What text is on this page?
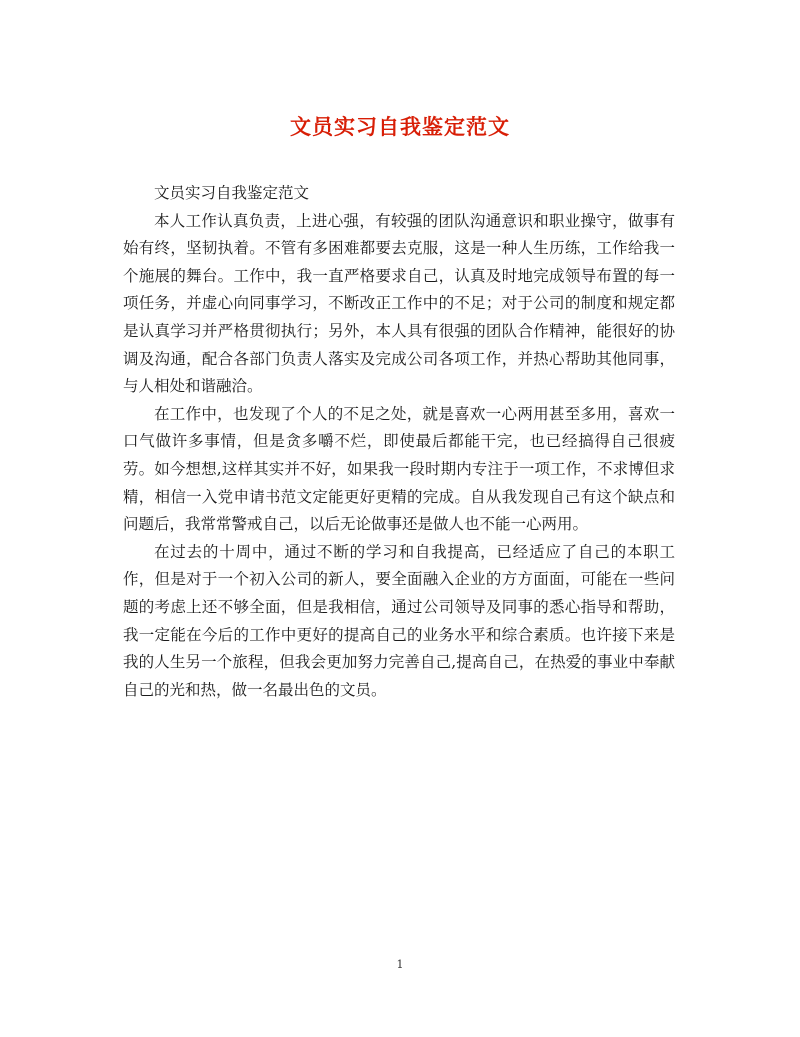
文员实习自我鉴定范文

文员实习自我鉴定范文

本人工作认真负责，上进心强，有较强的团队沟通意识和职业操守，做事有始有终，坚韧执着。不管有多困难都要去克服，这是一种人生历练，工作给我一个施展的舞台。工作中，我一直严格要求自己，认真及时地完成领导布置的每一项任务，并虚心向同事学习，不断改正工作中的不足；对于公司的制度和规定都是认真学习并严格贯彻执行；另外，本人具有很强的团队合作精神，能很好的协调及沟通，配合各部门负责人落实及完成公司各项工作，并热心帮助其他同事，与人相处和谐融洽。

在工作中，也发现了个人的不足之处，就是喜欢一心两用甚至多用，喜欢一口气做许多事情，但是贪多嚼不烂，即使最后都能干完，也已经搞得自己很疲劳。如今想想,这样其实并不好，如果我一段时期内专注于一项工作，不求博但求精，相信一入党申请书范文定能更好更精的完成。自从我发现自己有这个缺点和问题后，我常常警戒自己，以后无论做事还是做人也不能一心两用。

在过去的十周中，通过不断的学习和自我提高，已经适应了自己的本职工作，但是对于一个初入公司的新人，要全面融入企业的方方面面，可能在一些问题的考虑上还不够全面，但是我相信，通过公司领导及同事的悉心指导和帮助，我一定能在今后的工作中更好的提高自己的业务水平和综合素质。也许接下来是我的人生另一个旅程，但我会更加努力完善自己,提高自己，在热爱的事业中奉献自己的光和热，做一名最出色的文员。

1
